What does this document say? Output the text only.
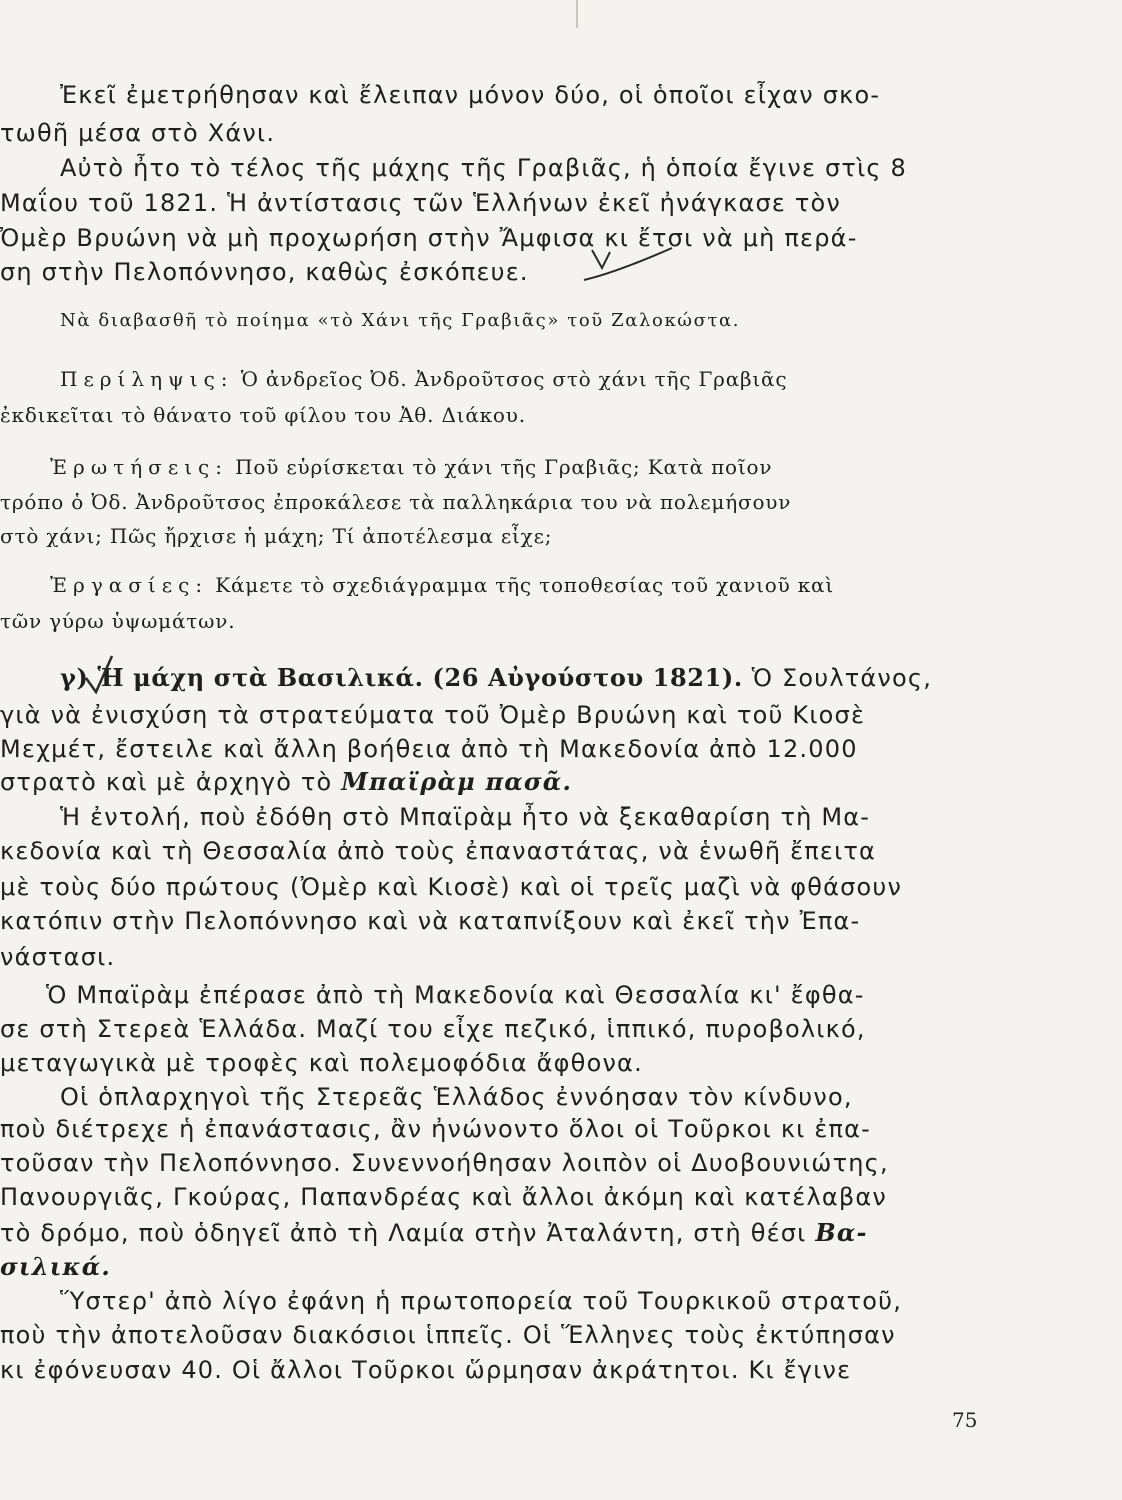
Ἐκεῖ ἐμετρήθησαν καὶ ἔλειπαν μόνον δύο, οἱ ὁποῖοι εἶχαν σκο-
τωθῆ μέσα στὸ Χάνι.
Αὐτὸ ἦτο τὸ τέλος τῆς μάχης τῆς Γραβιᾶς, ἡ ὁποία ἔγινε στὶς 8
Μαΐου τοῦ 1821. Ἡ ἀντίστασις τῶν Ἑλλήνων ἐκεῖ ἠνάγκασε τὸν
Ὀμὲρ Βρυώνη νὰ μὴ προχωρήση στὴν Ἄμφισα κι ἔτσι νὰ μὴ περά-
ση στὴν Πελοπόννησο, καθὼς ἐσκόπευε.
Νὰ διαβασθῆ τὸ ποίημα «τὸ Χάνι τῆς Γραβιᾶς» τοῦ Ζαλοκώστα.
Περίληψις: Ὁ ἀνδρεῖος Ὀδ. Ἀνδροῦτσος στὸ χάνι τῆς Γραβιᾶς
ἐκδικεῖται τὸ θάνατο τοῦ φίλου του Ἀθ. Διάκου.
Ἐρωτήσεις: Ποῦ εὑρίσκεται τὸ χάνι τῆς Γραβιᾶς; Κατὰ ποῖον
τρόπο ὁ Ὀδ. Ἀνδροῦτσος ἐπροκάλεσε τὰ παλληκάρια του νὰ πολεμήσουν
στὸ χάνι; Πῶς ἤρχισε ἡ μάχη; Τί ἀποτέλεσμα εἶχε;
Ἐργασίες: Κάμετε τὸ σχεδιάγραμμα τῆς τοποθεσίας τοῦ χανιοῦ καὶ
τῶν γύρω ὑψωμάτων.
γ) Ἡ μάχη στὰ Βασιλικά. (26 Αὐγούστου 1821). Ὁ Σουλτάνος,
γιὰ νὰ ἐνισχύση τὰ στρατεύματα τοῦ Ὀμὲρ Βρυώνη καὶ τοῦ Κιοσὲ
Μεχμέτ, ἔστειλε καὶ ἄλλη βοήθεια ἀπὸ τὴ Μακεδονία ἀπὸ 12.000
στρατὸ καὶ μὲ ἀρχηγὸ τὸ Μπαϊρὰμ πασᾶ.
Ἡ ἐντολή, ποὺ ἐδόθη στὸ Μπαϊρὰμ ἦτο νὰ ξεκαθαρίση τὴ Μα-
κεδονία καὶ τὴ Θεσσαλία ἀπὸ τοὺς ἐπαναστάτας, νὰ ἑνωθῆ ἔπειτα
μὲ τοὺς δύο πρώτους (Ὀμὲρ καὶ Κιοσὲ) καὶ οἱ τρεῖς μαζὶ νὰ φθάσουν
κατόπιν στὴν Πελοπόννησο καὶ νὰ καταπνίξουν καὶ ἐκεῖ τὴν Ἐπα-
νάστασι.
Ὁ Μπαϊρὰμ ἐπέρασε ἀπὸ τὴ Μακεδονία καὶ Θεσσαλία κι' ἔφθα-
σε στὴ Στερεὰ Ἑλλάδα. Μαζί του εἶχε πεζικό, ἱππικό, πυροβολικό,
μεταγωγικὰ μὲ τροφὲς καὶ πολεμοφόδια ἄφθονα.
Οἱ ὁπλαρχηγοὶ τῆς Στερεᾶς Ἑλλάδος ἐννόησαν τὸν κίνδυνο,
ποὺ διέτρεχε ἡ ἐπανάστασις, ἂν ἠνώνοντο ὅλοι οἱ Τοῦρκοι κι ἐπα-
τοῦσαν τὴν Πελοπόννησο. Συνεννοήθησαν λοιπὸν οἱ Δυοβουνιώτης,
Πανουργιᾶς, Γκούρας, Παπανδρέας καὶ ἄλλοι ἀκόμη καὶ κατέλαβαν
τὸ δρόμο, ποὺ ὁδηγεῖ ἀπὸ τὴ Λαμία στὴν Ἀταλάντη, στὴ θέσι Βα-
σιλικά.
Ὕστερ' ἀπὸ λίγο ἐφάνη ἡ πρωτοπορεία τοῦ Τουρκικοῦ στρατοῦ,
ποὺ τὴν ἀποτελοῦσαν διακόσιοι ἱππεῖς. Οἱ Ἕλληνες τοὺς ἐκτύπησαν
κι ἐφόνευσαν 40. Οἱ ἄλλοι Τοῦρκοι ὥρμησαν ἀκράτητοι. Κι ἔγινε
75
